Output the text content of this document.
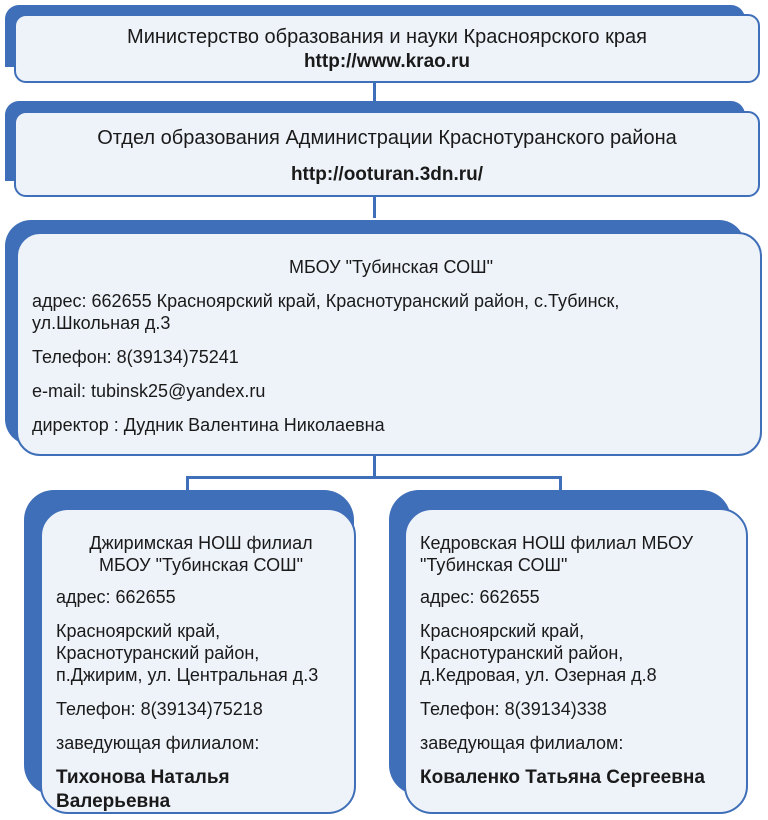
Министерство образования и науки Красноярского края
http://www.krao.ru
Отдел образования Администрации Краснотуранского района
http://ooturan.3dn.ru/
МБОУ "Тубинская СОШ"
адрес: 662655 Красноярский край, Краснотуранский район, с.Тубинск,
ул.Школьная д.3
Телефон: 8(39134)75241
e-mail: tubinsk25@yandex.ru
директор : Дудник Валентина Николаевна
Джиримская НОШ филиал
МБОУ "Тубинская СОШ"
адрес: 662655
Красноярский край,
Краснотуранский район,
п.Джирим, ул. Центральная д.3
Телефон: 8(39134)75218
заведующая филиалом:
Тихонова Наталья Валерьевна
Кедровская НОШ филиал МБОУ
"Тубинская СОШ"
адрес: 662655
Красноярский край,
Краснотуранский район,
д.Кедровая, ул. Озерная д.8
Телефон: 8(39134)338
заведующая филиалом:
Коваленко Татьяна Сергеевна
